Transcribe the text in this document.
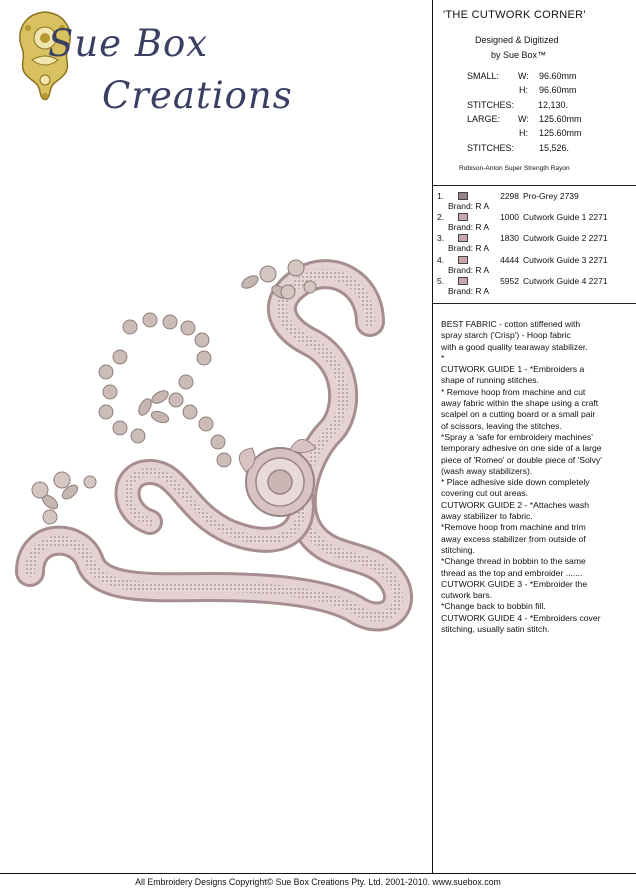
Sue Box
Creations
'THE CUTWORK CORNER'
Designed & Digitized
by Sue Box™
SMALL: W: 96.60mm
H: 96.60mm
STITCHES:	12,130.
LARGE: W: 125.60mm
H: 125.60mm
STITCHES:	15,526.
Robison-Anton Super Strength Rayon
1.	2298 Pro-Grey 2739
Brand: R A
2.	1000 Cutwork Guide 1 2271
Brand: R A
3.	1830 Cutwork Guide 2 2271
Brand: R A
4.	4444 Cutwork Guide 3 2271
Brand: R A
5.	5952 Cutwork Guide 4 2271
Brand: R A

BEST FABRIC - cotton stiffened with

spray starch ('Crisp') - Hoop fabric

with a good quality tearaway stabilizer.

*

CUTWORK GUIDE 1 - *Embroiders a

shape of running stitches.

* Remove hoop from machine and cut

away fabric within the shape using a craft

scalpel on a cutting board or a small pair

of scissors, leaving the stitches.

*Spray a 'safe for embroidery machines'

temporary adhesive on one side of a large

piece of 'Romeo' or double piece of 'Solvy'

(wash away stabilizers).

* Place adhesive side down completely

covering cut out areas.

CUTWORK GUIDE 2 - *Attaches wash

away stabilizer to fabric.

*Remove hoop from machine and trim

away excess stabilizer from outside of

stitching.

*Change thread in bobbin to the same

thread as the top and embroider .......

CUTWORK GUIDE 3 - *Embroider the

cutwork bars.

*Change back to bobbin fill.

CUTWORK GUIDE 4 - *Embroiders cover

stitching, usually satin stitch.

All Embroidery Designs Copyright© Sue Box Creations Pty. Ltd. 2001-2010. www.suebox.com
